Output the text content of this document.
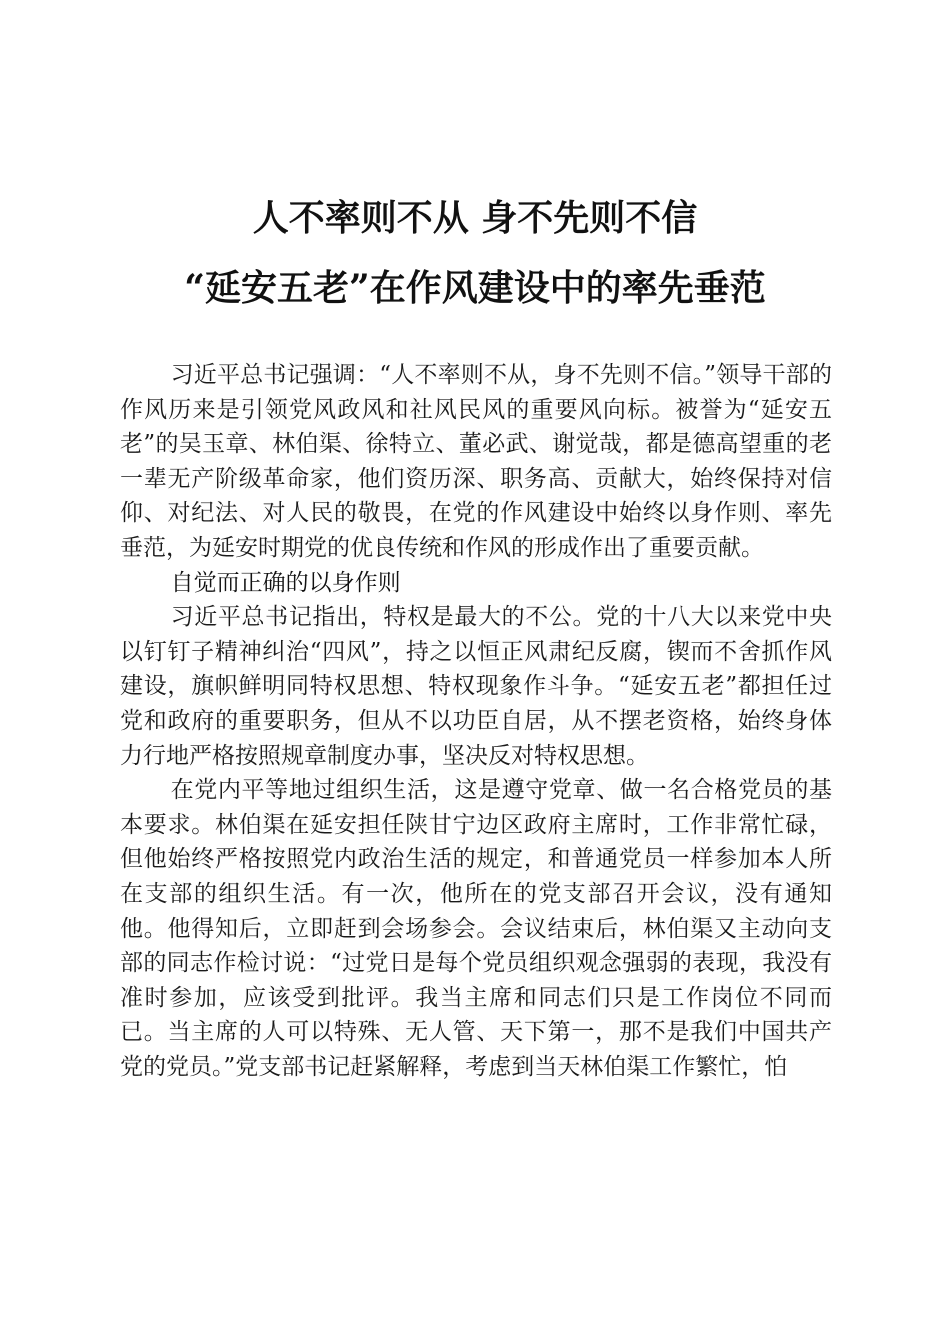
人不率则不从 身不先则不信
“延安五老”在作风建设中的率先垂范

习近平总书记强调：“人不率则不从，身不先则不信。”领导干部的作风历来是引领党风政风和社风民风的重要风向标。被誉为“延安五老”的吴玉章、林伯渠、徐特立、董必武、谢觉哉，都是德高望重的老一辈无产阶级革命家，他们资历深、职务高、贡献大，始终保持对信仰、对纪法、对人民的敬畏，在党的作风建设中始终以身作则、率先垂范，为延安时期党的优良传统和作风的形成作出了重要贡献。

自觉而正确的以身作则

习近平总书记指出，特权是最大的不公。党的十八大以来党中央以钉钉子精神纠治“四风”，持之以恒正风肃纪反腐，锲而不舍抓作风建设，旗帜鲜明同特权思想、特权现象作斗争。“延安五老”都担任过党和政府的重要职务，但从不以功臣自居，从不摆老资格，始终身体力行地严格按照规章制度办事，坚决反对特权思想。

在党内平等地过组织生活，这是遵守党章、做一名合格党员的基本要求。林伯渠在延安担任陕甘宁边区政府主席时，工作非常忙碌，但他始终严格按照党内政治生活的规定，和普通党员一样参加本人所在支部的组织生活。有一次，他所在的党支部召开会议，没有通知他。他得知后，立即赶到会场参会。会议结束后，林伯渠又主动向支部的同志作检讨说：“过党日是每个党员组织观念强弱的表现，我没有准时参加，应该受到批评。我当主席和同志们只是工作岗位不同而已。当主席的人可以特殊、无人管、天下第一，那不是我们中国共产党的党员。”党支部书记赶紧解释，考虑到当天林伯渠工作繁忙，怕
